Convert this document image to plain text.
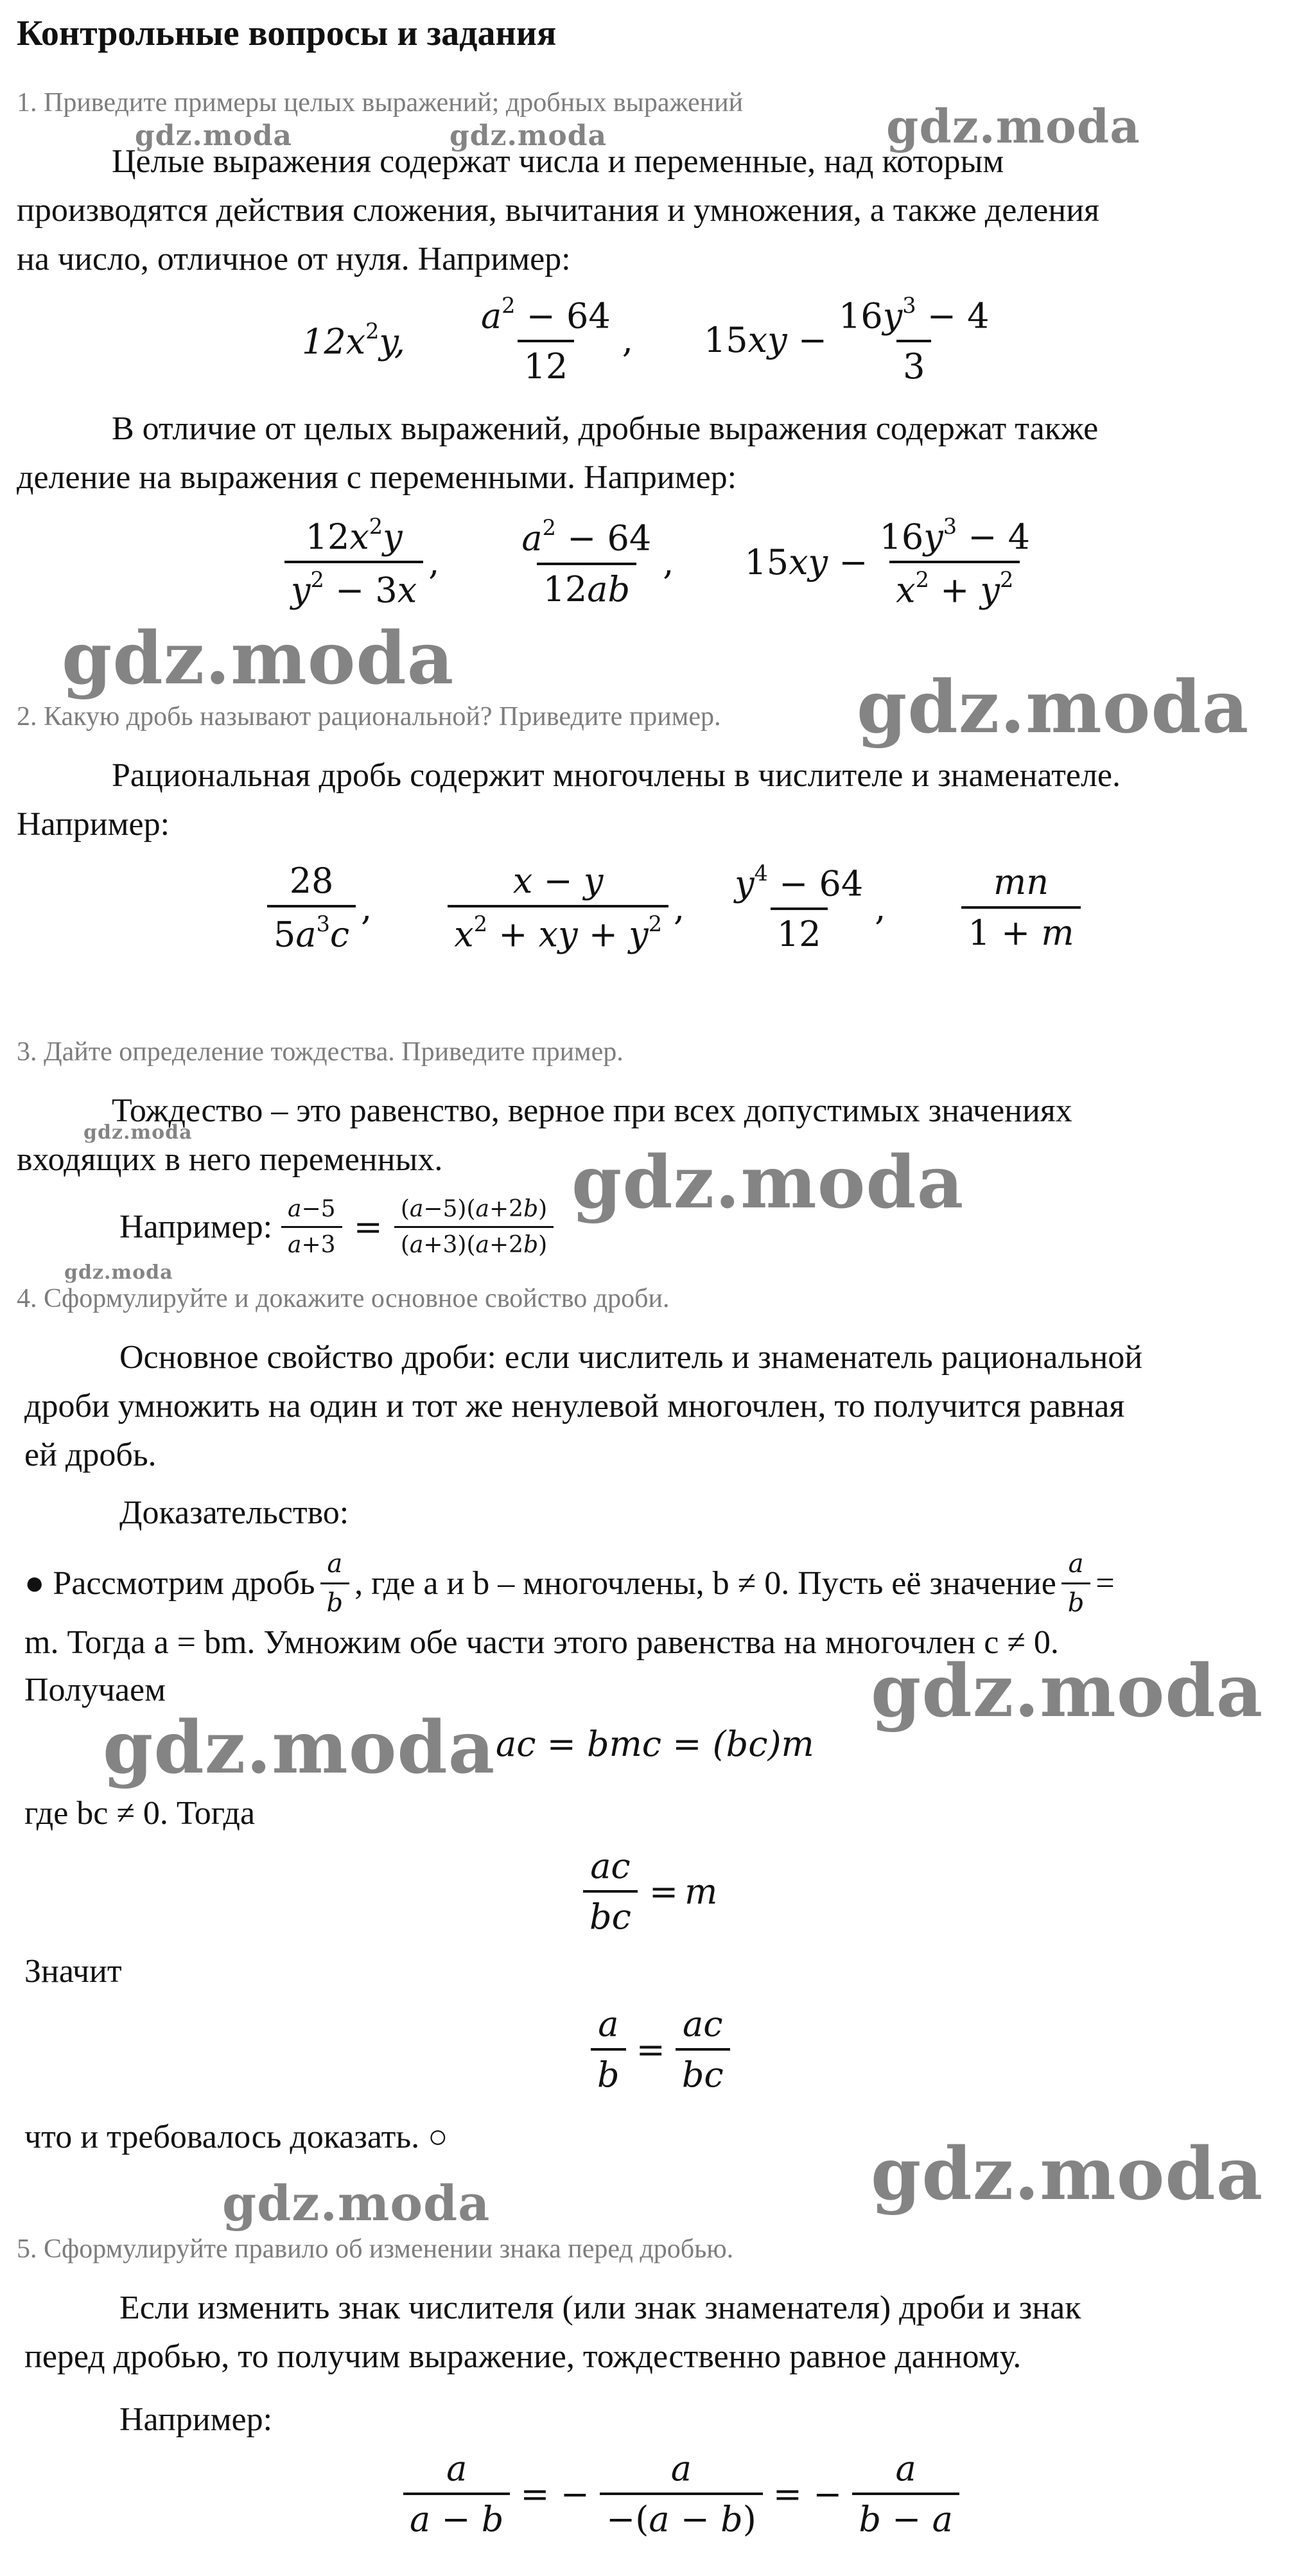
Контрольные вопросы и задания
1. Приведите примеры целых выражений; дробных выражений
Целые выражения содержат числа и переменные, над которым
производятся действия сложения, вычитания и умножения, а также деления
на число, отличное от нуля. Например:
$12x^2y$,
$a^2 - 64$
12
, $15xy - \frac{16y^3 - 4}{3}$
В отличие от целых выражений, дробные выражения содержат также
деление на выражения с переменными. Например:
$12x^2y$
$y^2 - 3x$
,
$a^2 - 64$
12ab
, $15xy - \frac{16y^3 - 4}{x^2 + y^2}$
2. Какую дробь называют рациональной? Приведите пример.
Рациональная дробь содержит многочлены в числителе и знаменателе.
Например:
28
$5a^3c$
,
x − y
$x^2$ + xy + $y^2$ ,
$y^4 - 64$
12
,
mn
1 + m
3. Дайте определение тождества. Приведите пример.
Тождество – это равенство, верное при всех допустимых значениях
входящих в него переменных.
Например: $\frac{a-5}{a+3} = \frac{(a-5)(a+2b)}{(a+3)(a+2b)}$
4. Сформулируйте и докажите основное свойство дроби.
Основное свойство дроби: если числитель и знаменатель рациональной
дроби умножить на один и тот же ненулевой многочлен, то получится равная
ей дробь.
Доказательство:
● Рассмотрим дробь $\frac{a}{b}$ , где a и b – многочлены, b ≠ 0. Пусть её значение $\frac{a}{b}$ =
m. Тогда a = bm. Умножим обе части этого равенства на многочлен c ≠ 0.
Получаем
ac = bmc = (bc)m
где bc ≠ 0. Тогда
$\frac{ac}{bc} = m$
Значит
$\frac{a}{b} = \frac{ac}{bc}$
что и требовалось доказать. ○
5. Сформулируйте правило об изменении знака перед дробью.
Если изменить знак числителя (или знак знаменателя) дроби и знак
перед дробью, то получим выражение, тождественно равное данному.
Например:
$\frac{a}{a - b}$ = − $\frac{a}{-(a - b)}$ = − $\frac{a}{b - a}$
gdz.moda	gdz.moda	gdz.moda
gdz.moda
gdz.moda
gdz.moda
gdz.moda
gdz.moda
gdz.moda
gdz.moda
gdz.moda
gdz.moda
